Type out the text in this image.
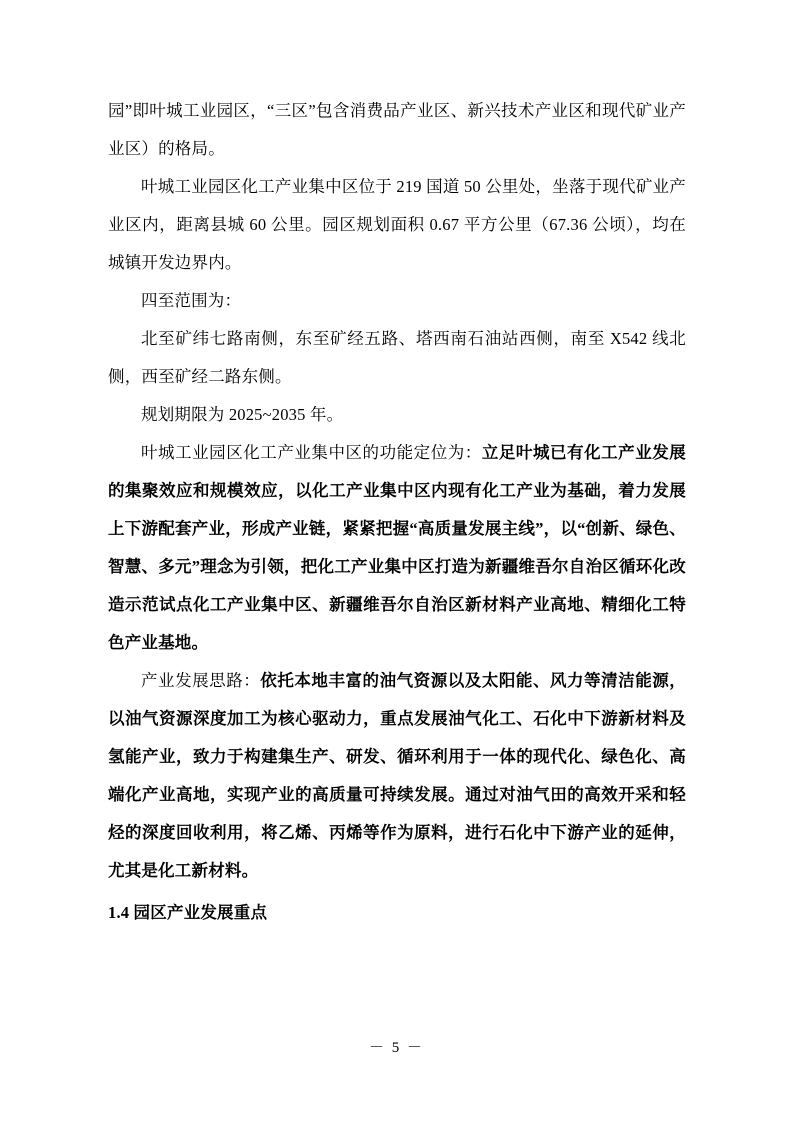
园”即叶城工业园区，“三区”包含消费品产业区、新兴技术产业区和现代矿业产业区）的格局。

叶城工业园区化工产业集中区位于 219 国道 50 公里处，坐落于现代矿业产业区内，距离县城 60 公里。园区规划面积 0.67 平方公里（67.36 公顷），均在城镇开发边界内。

四至范围为：

北至矿纬七路南侧，东至矿经五路、塔西南石油站西侧，南至 X542 线北侧，西至矿经二路东侧。

规划期限为 2025~2035 年。

叶城工业园区化工产业集中区的功能定位为：立足叶城已有化工产业发展的集聚效应和规模效应，以化工产业集中区内现有化工产业为基础，着力发展上下游配套产业，形成产业链，紧紧把握“高质量发展主线”，以“创新、绿色、智慧、多元”理念为引领，把化工产业集中区打造为新疆维吾尔自治区循环化改造示范试点化工产业集中区、新疆维吾尔自治区新材料产业高地、精细化工特色产业基地。

产业发展思路：依托本地丰富的油气资源以及太阳能、风力等清洁能源，以油气资源深度加工为核心驱动力，重点发展油气化工、石化中下游新材料及氢能产业，致力于构建集生产、研发、循环利用于一体的现代化、绿色化、高端化产业高地，实现产业的高质量可持续发展。通过对油气田的高效开采和轻烃的深度回收利用，将乙烯、丙烯等作为原料，进行石化中下游产业的延伸，尤其是化工新材料。

1.4 园区产业发展重点

－ 5 －
